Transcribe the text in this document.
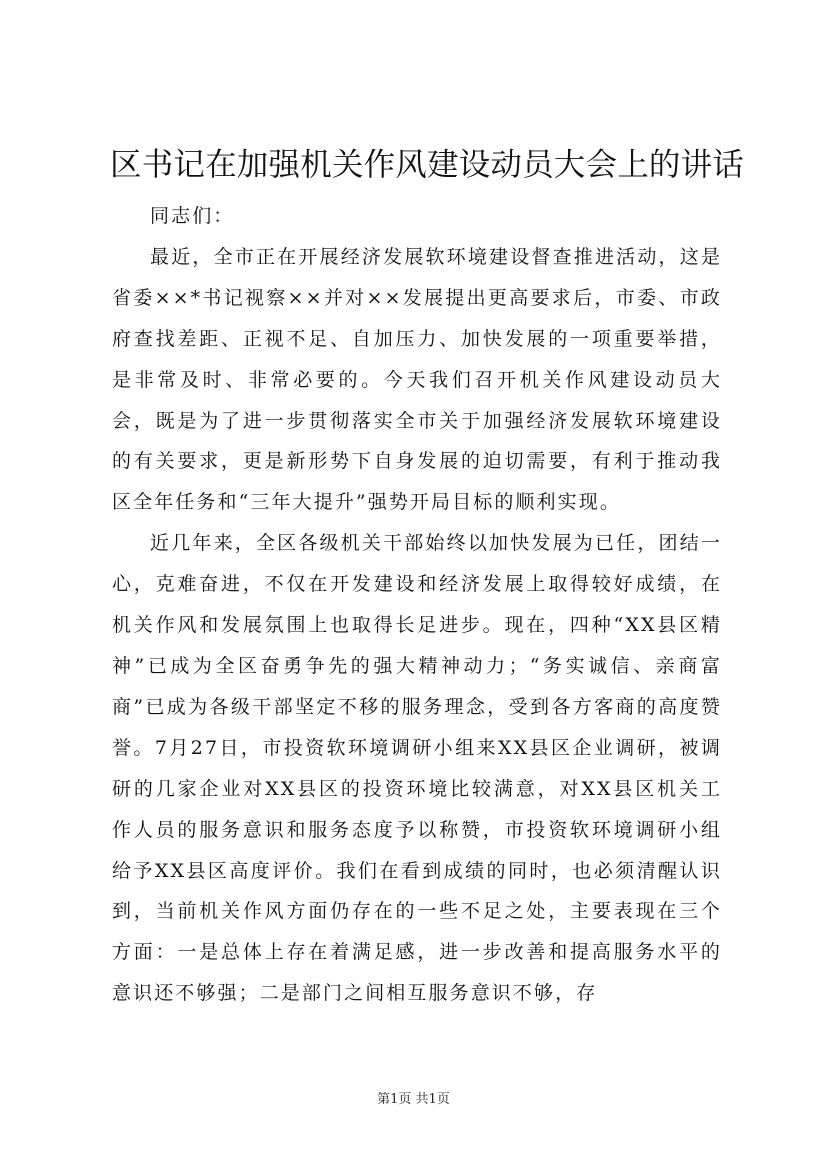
区书记在加强机关作风建设动员大会上的讲话

同志们：

最近，全市正在开展经济发展软环境建设督查推进活动，这是省委××*书记视察××并对××发展提出更高要求后，市委、市政府查找差距、正视不足、自加压力、加快发展的一项重要举措，是非常及时、非常必要的。今天我们召开机关作风建设动员大会，既是为了进一步贯彻落实全市关于加强经济发展软环境建设的有关要求，更是新形势下自身发展的迫切需要，有利于推动我区全年任务和“三年大提升”强势开局目标的顺利实现。

近几年来，全区各级机关干部始终以加快发展为已任，团结一心，克难奋进，不仅在开发建设和经济发展上取得较好成绩，在机关作风和发展氛围上也取得长足进步。现在，四种“XX县区精神”已成为全区奋勇争先的强大精神动力；“务实诚信、亲商富商”已成为各级干部坚定不移的服务理念，受到各方客商的高度赞誉。7月27日，市投资软环境调研小组来XX县区企业调研，被调研的几家企业对XX县区的投资环境比较满意，对XX县区机关工作人员的服务意识和服务态度予以称赞，市投资软环境调研小组给予XX县区高度评价。我们在看到成绩的同时，也必须清醒认识到，当前机关作风方面仍存在的一些不足之处，主要表现在三个方面：一是总体上存在着满足感，进一步改善和提高服务水平的意识还不够强；二是部门之间相互服务意识不够，存

第1页 共1页
